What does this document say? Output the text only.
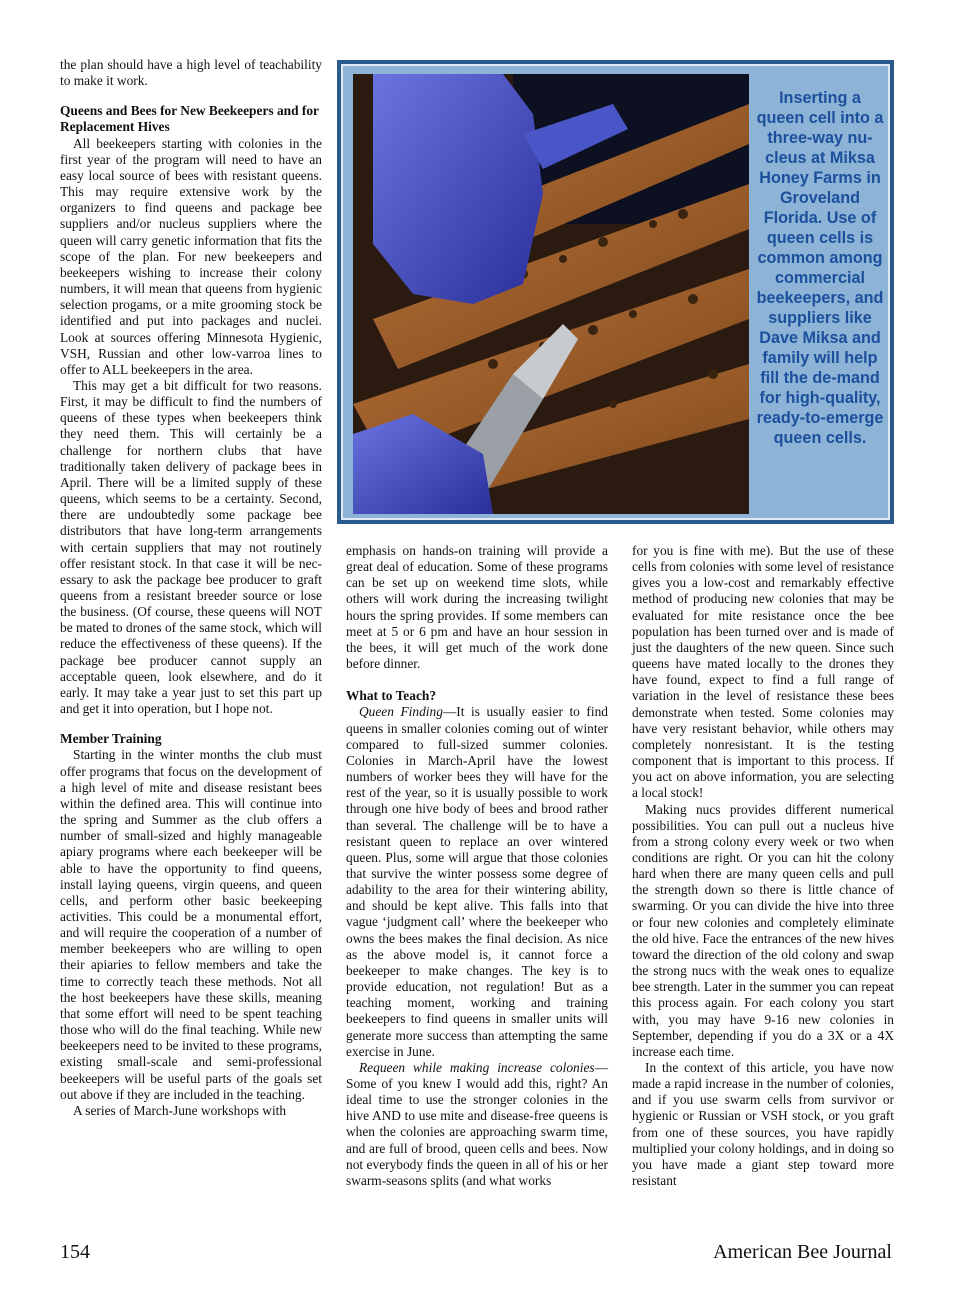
the plan should have a high level of teachability to make it work.

Queens and Bees for New Beekeepers and for Replacement Hives

All beekeepers starting with colonies in the first year of the program will need to have an easy local source of bees with resistant queens. This may require extensive work by the organizers to find queens and package bee suppliers and/or nucleus suppliers where the queen will carry genetic information that fits the scope of the plan. For new beekeepers and beekeepers wishing to increase their colony numbers, it will mean that queens from hygienic selection progams, or a mite grooming stock be identified and put into packages and nuclei. Look at sources offering Minnesota Hygienic, VSH, Russian and other low-varroa lines to offer to ALL beekeepers in the area.

This may get a bit difficult for two reasons. First, it may be difficult to find the numbers of queens of these types when beekeepers think they need them. This will certainly be a challenge for northern clubs that have traditionally taken delivery of package bees in April. There will be a limited supply of these queens, which seems to be a certainty. Second, there are undoubtedly some package bee distributors that have long-term arrangements with certain suppliers that may not routinely offer resistant stock. In that case it will be necessary to ask the package bee producer to graft queens from a resistant breeder source or lose the business. (Of course, these queens will NOT be mated to drones of the same stock, which will reduce the effectiveness of these queens). If the package bee producer cannot supply an acceptable queen, look elsewhere, and do it early. It may take a year just to set this part up and get it into operation, but I hope not.

Member Training

Starting in the winter months the club must offer programs that focus on the development of a high level of mite and disease resistant bees within the defined area. This will continue into the spring and Summer as the club offers a number of small-sized and highly manageable apiary programs where each beekeeper will be able to have the opportunity to find queens, install laying queens, virgin queens, and queen cells, and perform other basic beekeeping activities. This could be a monumental effort, and will require the cooperation of a number of member beekeepers who are willing to open their apiaries to fellow members and take the time to correctly teach these methods. Not all the host beekeepers have these skills, meaning that some effort will need to be spent teaching those who will do the final teaching. While new beekeepers need to be invited to these programs, existing small-scale and semi-professional beekeepers will be useful parts of the goals set out above if they are included in the teaching.

A series of March-June workshops with

Inserting a queen cell into a three-way nu-cleus at Miksa Honey Farms in Groveland Florida. Use of queen cells is common among commercial beekeepers, and suppliers like Dave Miksa and family will help fill the de-mand for high-quality, ready-to-emerge queen cells.

emphasis on hands-on training will provide a great deal of education. Some of these programs can be set up on weekend time slots, while others will work during the increasing twilight hours the spring provides. If some members can meet at 5 or 6 pm and have an hour session in the bees, it will get much of the work done before dinner.

What to Teach?

Queen Finding—It is usually easier to find queens in smaller colonies coming out of winter compared to full-sized summer colonies. Colonies in March-April have the lowest numbers of worker bees they will have for the rest of the year, so it is usually possible to work through one hive body of bees and brood rather than several. The challenge will be to have a resistant queen to replace an over wintered queen. Plus, some will argue that those colonies that survive the winter possess some degree of adability to the area for their wintering ability, and should be kept alive. This falls into that vague ‘judgment call’ where the beekeeper who owns the bees makes the final decision. As nice as the above model is, it cannot force a beekeeper to make changes. The key is to provide education, not regulation! But as a teaching moment, working and training beekeepers to find queens in smaller units will generate more success than attempting the same exercise in June.

Requeen while making increase colonies—Some of you knew I would add this, right? An ideal time to use the stronger colonies in the hive AND to use mite and disease-free queens is when the colonies are approaching swarm time, and are full of brood, queen cells and bees. Now not everybody finds the queen in all of his or her swarm-seasons splits (and what works

for you is fine with me). But the use of these cells from colonies with some level of resistance gives you a low-cost and remarkably effective method of producing new colonies that may be evaluated for mite resistance once the bee population has been turned over and is made of just the daughters of the new queen. Since such queens have mated locally to the drones they have found, expect to find a full range of variation in the level of resistance these bees demonstrate when tested. Some colonies may have very resistant behavior, while others may completely nonresistant. It is the testing component that is important to this process. If you act on above information, you are selecting a local stock!

Making nucs provides different numerical possibilities. You can pull out a nucleus hive from a strong colony every week or two when conditions are right. Or you can hit the colony hard when there are many queen cells and pull the strength down so there is little chance of swarming. Or you can divide the hive into three or four new colonies and completely eliminate the old hive. Face the entrances of the new hives toward the direction of the old colony and swap the strong nucs with the weak ones to equalize bee strength. Later in the summer you can repeat this process again. For each colony you start with, you may have 9-16 new colonies in September, depending if you do a 3X or a 4X increase each time.

In the context of this article, you have now made a rapid increase in the number of colonies, and if you use swarm cells from survivor or hygienic or Russian or VSH stock, or you graft from one of these sources, you have rapidly multiplied your colony holdings, and in doing so you have made a giant step toward more resistant

154	American Bee Journal
